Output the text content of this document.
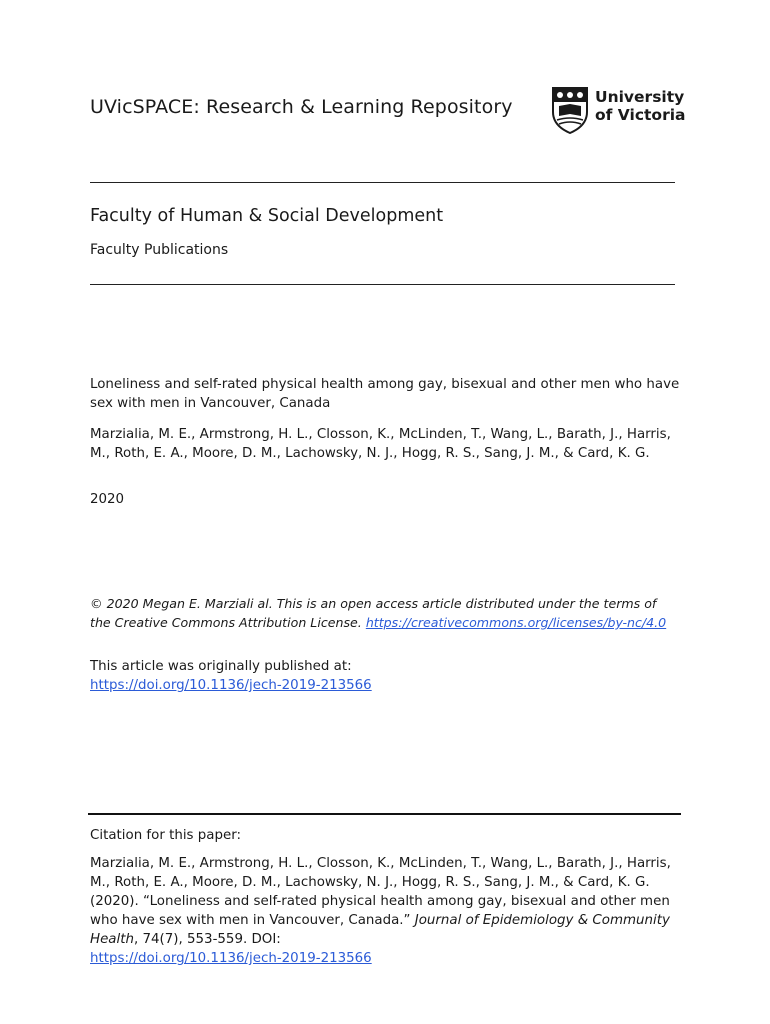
UVicSPACE: Research & Learning Repository	University
of Victoria
Faculty of Human & Social Development
Faculty Publications
Loneliness and self-rated physical health among gay, bisexual and other men who have sex with men in Vancouver, Canada
Marzialia, M. E., Armstrong, H. L., Closson, K., McLinden, T., Wang, L., Barath, J., Harris, M., Roth, E. A., Moore, D. M., Lachowsky, N. J., Hogg, R. S., Sang, J. M., & Card, K. G.
2020
© 2020 Megan E. Marziali al. This is an open access article distributed under the terms of the Creative Commons Attribution License. https://creativecommons.org/licenses/by-nc/4.0
This article was originally published at:
https://doi.org/10.1136/jech-2019-213566
Citation for this paper:
Marzialia, M. E., Armstrong, H. L., Closson, K., McLinden, T., Wang, L., Barath, J., Harris, M., Roth, E. A., Moore, D. M., Lachowsky, N. J., Hogg, R. S., Sang, J. M., & Card, K. G. (2020). “Loneliness and self-rated physical health among gay, bisexual and other men who have sex with men in Vancouver, Canada.” Journal of Epidemiology & Community Health, 74(7), 553-559. DOI:
https://doi.org/10.1136/jech-2019-213566
